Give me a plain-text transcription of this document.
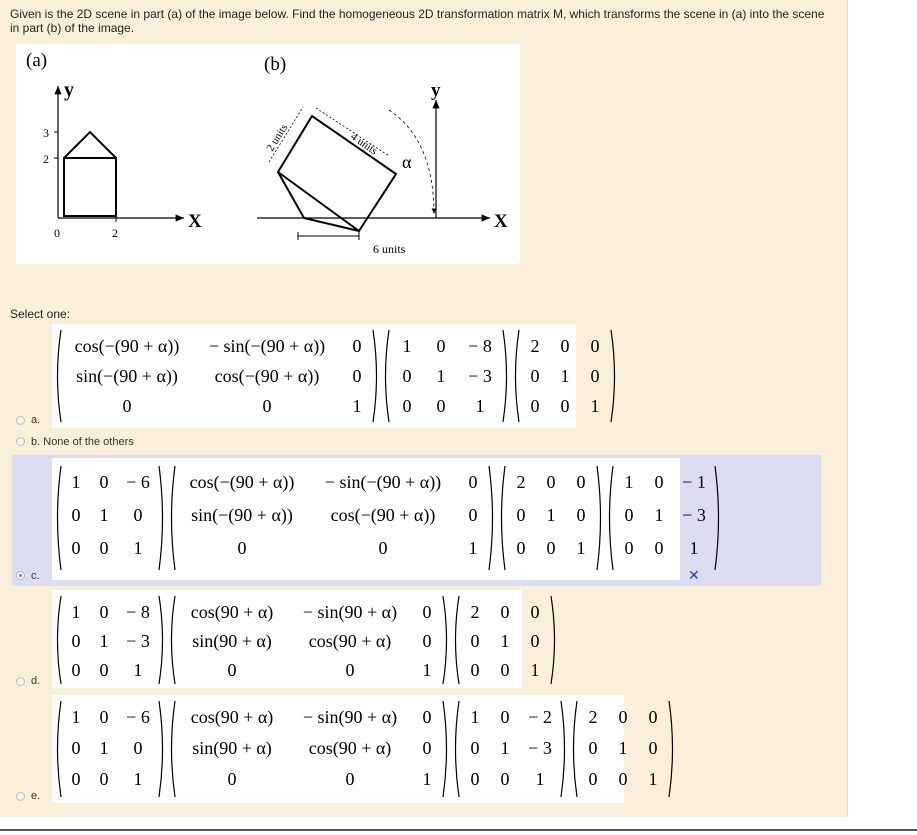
Given is the 2D scene in part (a) of the image below. Find the homogeneous 2D transformation matrix M, which transforms the scene in (a) into the scene in part (b) of the image.
(a)
y
X
3
2
0	2
(b)
y
X
2 units	4 units
α
6 units
Select one:
cos(−(90 + α)) − sin(−(90 + α)) 0
sin(−(90 + α)) cos(−(90 + α)) 0
0	0	1
1 0 − 8
0 1 − 3
0 0 1
2 0 0
0 1 0
0 0 1
a.
b. None of the others
1 0 − 6
0 1 0
0 0 1
cos(−(90 + α)) − sin(−(90 + α)) 0
sin(−(90 + α)) cos(−(90 + α)) 0
0	0	1
2 0 0
0 1 0
0 0 1
1 0 − 1
0 1 − 3
0 0 1
c.	✕
1 0 − 8
0 1 − 3
0 0 1
cos(90 + α) − sin(90 + α) 0
sin(90 + α) cos(90 + α) 0
0	0	1
2 0 0
0 1 0
0 0 1
d.
1 0 − 6
0 1 0
0 0 1
cos(90 + α) − sin(90 + α) 0
sin(90 + α) cos(90 + α) 0
0	0	1
1 0 − 2
0 1 − 3
0 0 1
2 0 0
0 1 0
0 0 1
e.
